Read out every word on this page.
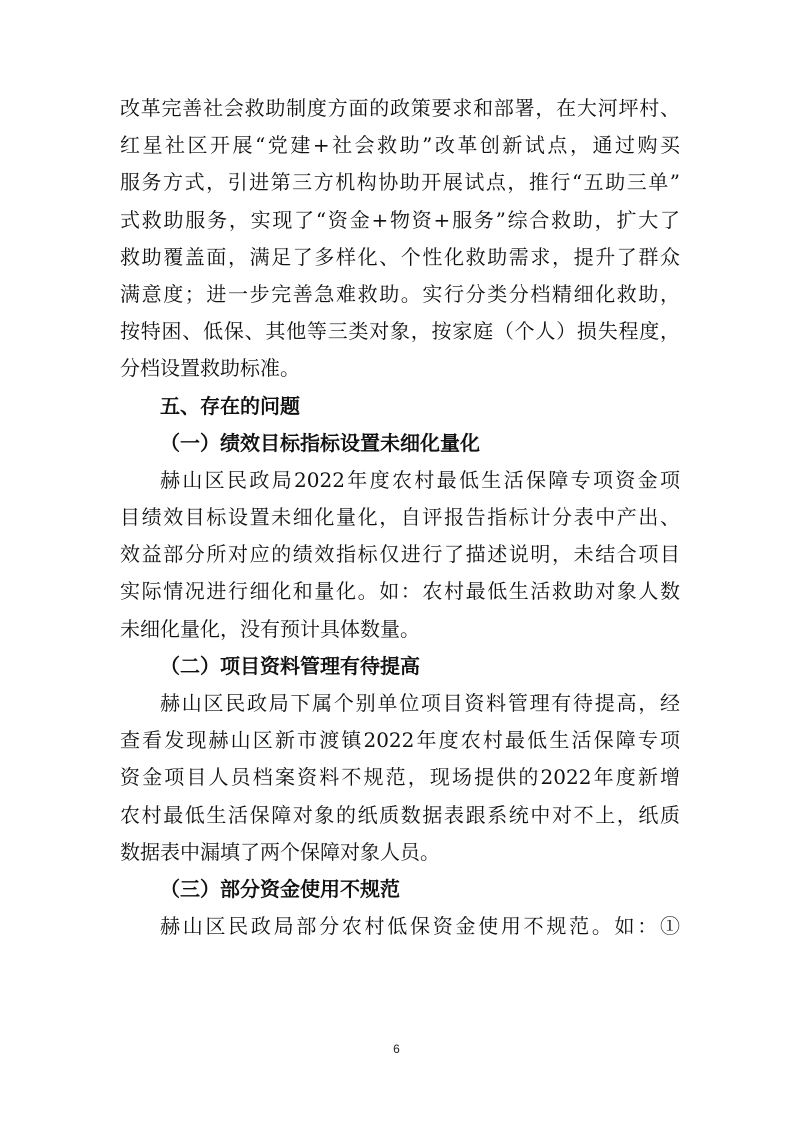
改革完善社会救助制度方面的政策要求和部署，在大河坪村、
红星社区开展“党建+社会救助”改革创新试点，通过购买
服务方式，引进第三方机构协助开展试点，推行“五助三单”
式救助服务，实现了“资金+物资+服务”综合救助，扩大了
救助覆盖面，满足了多样化、个性化救助需求，提升了群众
满意度；进一步完善急难救助。实行分类分档精细化救助，
按特困、低保、其他等三类对象，按家庭（个人）损失程度，
分档设置救助标准。
五、存在的问题
（一）绩效目标指标设置未细化量化
赫山区民政局2022年度农村最低生活保障专项资金项
目绩效目标设置未细化量化，自评报告指标计分表中产出、
效益部分所对应的绩效指标仅进行了描述说明，未结合项目
实际情况进行细化和量化。如：农村最低生活救助对象人数
未细化量化，没有预计具体数量。
（二）项目资料管理有待提高
赫山区民政局下属个别单位项目资料管理有待提高，经
查看发现赫山区新市渡镇2022年度农村最低生活保障专项
资金项目人员档案资料不规范，现场提供的2022年度新增
农村最低生活保障对象的纸质数据表跟系统中对不上，纸质
数据表中漏填了两个保障对象人员。
（三）部分资金使用不规范
赫山区民政局部分农村低保资金使用不规范。如：①
6
